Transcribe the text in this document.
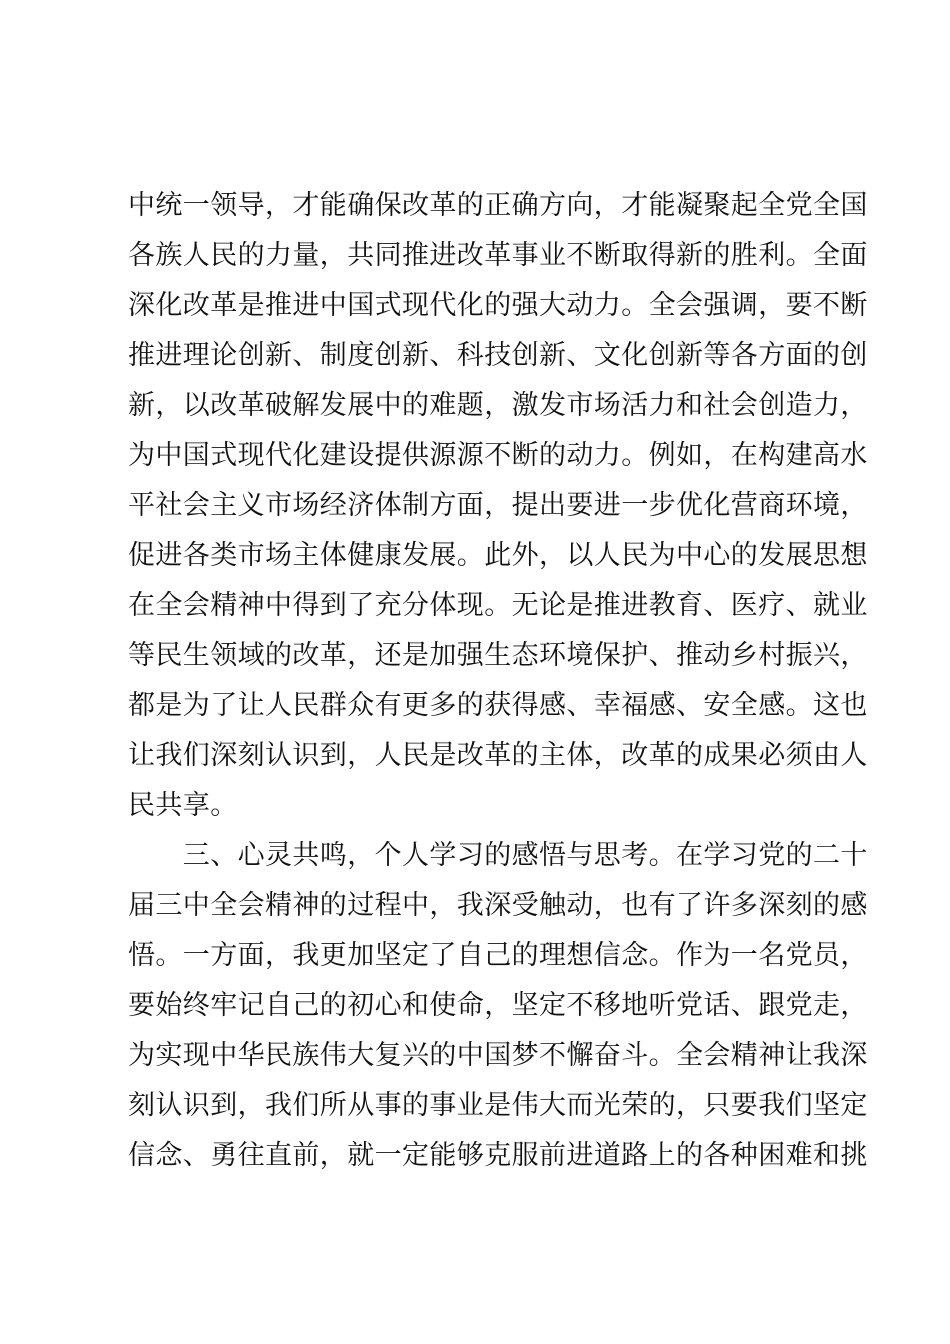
中统一领导，才能确保改革的正确方向，才能凝聚起全党全国
各族人民的力量，共同推进改革事业不断取得新的胜利。全面
深化改革是推进中国式现代化的强大动力。全会强调，要不断
推进理论创新、制度创新、科技创新、文化创新等各方面的创
新，以改革破解发展中的难题，激发市场活力和社会创造力，
为中国式现代化建设提供源源不断的动力。例如，在构建高水
平社会主义市场经济体制方面，提出要进一步优化营商环境，
促进各类市场主体健康发展。此外，以人民为中心的发展思想
在全会精神中得到了充分体现。无论是推进教育、医疗、就业
等民生领域的改革，还是加强生态环境保护、推动乡村振兴，
都是为了让人民群众有更多的获得感、幸福感、安全感。这也
让我们深刻认识到，人民是改革的主体，改革的成果必须由人
民共享。
　　三、心灵共鸣，个人学习的感悟与思考。在学习党的二十
届三中全会精神的过程中，我深受触动，也有了许多深刻的感
悟。一方面，我更加坚定了自己的理想信念。作为一名党员，
要始终牢记自己的初心和使命，坚定不移地听党话、跟党走，
为实现中华民族伟大复兴的中国梦不懈奋斗。全会精神让我深
刻认识到，我们所从事的事业是伟大而光荣的，只要我们坚定
信念、勇往直前，就一定能够克服前进道路上的各种困难和挑
